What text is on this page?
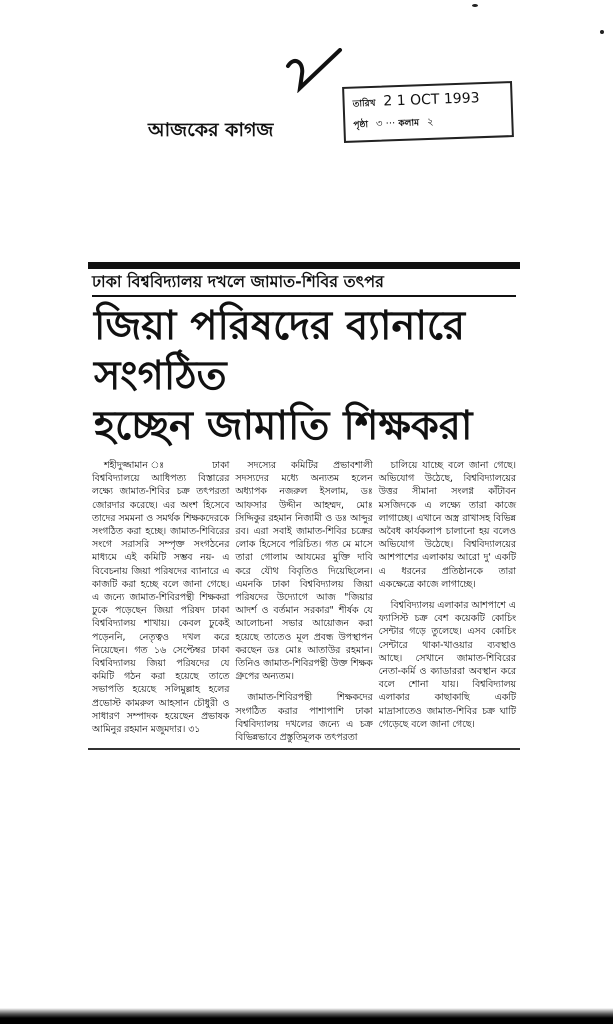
আজকের কাগজ
তারিখ 2 1 OCT 1993
পৃষ্ঠা ৩ ··· কলাম ২
ঢাকা বিশ্ববিদ্যালয় দখলে জামাত-শিবির তৎপর
জিয়া পরিষদের ব্যানারে সংগঠিত
হচ্ছেন জামাতি শিক্ষকরা

শহীদুজ্জামান ঃ ঢাকা বিশ্ববিদ্যালয়ে আধিপত্য বিস্তারের লক্ষ্যে জামাত-শিবির চক্র তৎপরতা জোরদার করেছে। এর অংশ হিসেবে তাদের সমমনা ও সমর্থক শিক্ষকদেরকে সংগঠিত করা হচ্ছে। জামাত-শিবিরের সংগে সরাসরি সম্পৃক্ত সংগঠনের মাধ্যমে এই কমিটি সম্ভব নয়- এ বিবেচনায় জিয়া পরিষদের ব্যানারে এ কাজটি করা হচ্ছে বলে জানা গেছে। এ জন্যে জামাত-শিবিরপন্থী শিক্ষকরা ঢুকে পড়েছেন জিয়া পরিষদ ঢাকা বিশ্ববিদ্যালয় শাখায়। কেবল ঢুকেই পড়েননি, নেতৃত্বও দখল করে নিয়েছেন। গত ১৬ সেপ্টেম্বর ঢাকা বিশ্ববিদ্যালয় জিয়া পরিষদের যে কমিটি গঠন করা হয়েছে তাতে সভাপতি হয়েছে সলিমুল্লাহ হলের প্রভোস্ট কামরুল আহসান চৌধুরী ও সাধারণ সম্পাদক হয়েছেন প্রভাষক আমিনুর রহমান মজুমদার। ৩১

সদস্যের কমিটির প্রভাবশালী সদস্যদের মধ্যে অন্যতম হলেন অধ্যাপক নজরুল ইসলাম, ডঃ আফসার উদ্দীন আহম্মদ, মোঃ সিদ্দিকুর রহমান নিজামী ও ডঃ আব্দুর রব। এরা সবাই জামাত-শিবির চক্রের লোক হিসেবে পরিচিত। গত মে মাসে তারা গোলাম আযমের মুক্তি দাবি করে যৌথ বিবৃতিও দিয়েছিলেন। এমনকি ঢাকা বিশ্ববিদ্যালয় জিয়া পরিষদের উদ্যোগে আজ "জিয়ার আদর্শ ও বর্তমান সরকার" শীর্ষক যে আলোচনা সভার আয়োজন করা হয়েছে তাতেও মূল প্রবন্ধ উপস্থাপন করছেন ডঃ মোঃ আতাউর রহমান। তিনিও জামাত-শিবিরপন্থী উক্ত শিক্ষক গ্রুপের অন্যতম।

জামাত-শিবিরপন্থী শিক্ষকদের সংগঠিত করার পাশাপাশি ঢাকা বিশ্ববিদ্যালয় দখলের জন্যে এ চক্র বিভিন্নভাবে প্রস্তুতিমূলক তৎপরতা

চালিয়ে যাচ্ছে বলে জানা গেছে। অভিযোগ উঠেছে, বিশ্ববিদ্যালয়ের উত্তর সীমানা সংলগ্ন কাঁটাবন মসজিদকে এ লক্ষ্যে তারা কাজে লাগাচ্ছে। এখানে অস্ত্র রাখাসহ বিভিন্ন অবৈধ কার্যকলাপ চালানো হয় বলেও অভিযোগ উঠেছে। বিশ্ববিদ্যালয়ের আশপাশের এলাকায় আরো দু' একটি এ ধরনের প্রতিষ্ঠানকে তারা একক্ষেত্রে কাজে লাগাচ্ছে।

বিশ্ববিদ্যালয় এলাকার আশপাশে এ ফ্যাসিস্ট চক্র বেশ কয়েকটি কোচিং সেন্টার গড়ে তুলেছে। এসব কোচিং সেন্টারে থাকা-খাওয়ার ব্যবস্থাও আছে। সেখানে জামাত-শিবিরের নেতা-কর্মি ও ক্যাডাররা অবস্থান করে বলে শোনা যায়। বিশ্ববিদ্যালয় এলাকার কাছাকাছি একটি মাদ্রাসাতেও জামাত-শিবির চক্র ঘাটি গেড়েছে বলে জানা গেছে।
